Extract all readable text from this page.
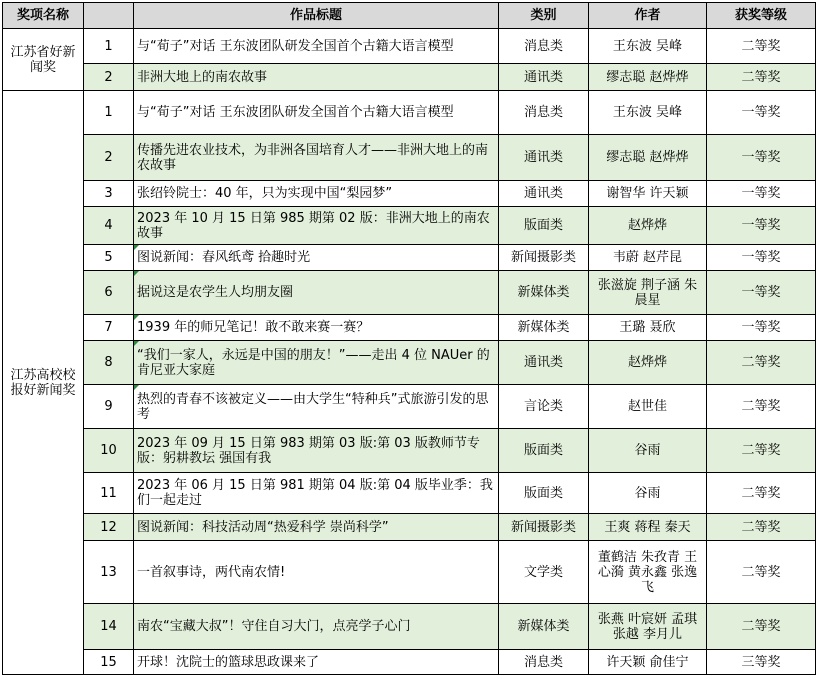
奖项名称		作品标题	类别	作者	获奖等级
江苏省好新闻奖	1	与“荀子”对话 王东波团队研发全国首个古籍大语言模型	消息类	王东波 吴峰	二等奖
	2	非洲大地上的南农故事	通讯类	缪志聪 赵烨烨	二等奖
江苏高校校报好新闻奖	1	与“荀子”对话 王东波团队研发全国首个古籍大语言模型	消息类	王东波 吴峰	一等奖
	2	传播先进农业技术，为非洲各国培育人才——非洲大地上的南农故事	通讯类	缪志聪 赵烨烨	一等奖
	3	张绍铃院士：40 年，只为实现中国“梨园梦”	通讯类	谢智华 许天颖	一等奖
	4	2023 年 10 月 15 日第 985 期第 02 版：非洲大地上的南农故事	版面类	赵烨烨	一等奖
	5	图说新闻：春风纸鸢 拾趣时光	新闻摄影类	韦蔚 赵芹昆	一等奖
	6	据说这是农学生人均朋友圈	新媒体类	张滋旋 荆子涵 朱晨星	一等奖
	7	1939 年的师兄笔记！敢不敢来赛一赛？	新媒体类	王璐 聂欣	一等奖
	8	“我们一家人，永远是中国的朋友！”——走出 4 位 NAUer 的肯尼亚大家庭	通讯类	赵烨烨	二等奖
	9	热烈的青春不该被定义——由大学生“特种兵”式旅游引发的思考	言论类	赵世佳	二等奖
	10	2023 年 09 月 15 日第 983 期第 03 版:第 03 版教师节专版：躬耕教坛 强国有我	版面类	谷雨	二等奖
	11	2023 年 06 月 15 日第 981 期第 04 版:第 04 版毕业季：我们一起走过	版面类	谷雨	二等奖
	12	图说新闻：科技活动周“热爱科学 崇尚科学”	新闻摄影类	王爽 蒋程 秦天	二等奖
	13	一首叙事诗，两代南农情!	文学类	董鹤洁 朱孜青 王心漪 黄永鑫 张逸飞	二等奖
	14	南农“宝藏大叔”！守住自习大门，点亮学子心门	新媒体类	张燕 叶宸妍 孟琪 张越 李月儿	二等奖
	15	开球！沈院士的篮球思政课来了	消息类	许天颖 俞佳宁	三等奖
